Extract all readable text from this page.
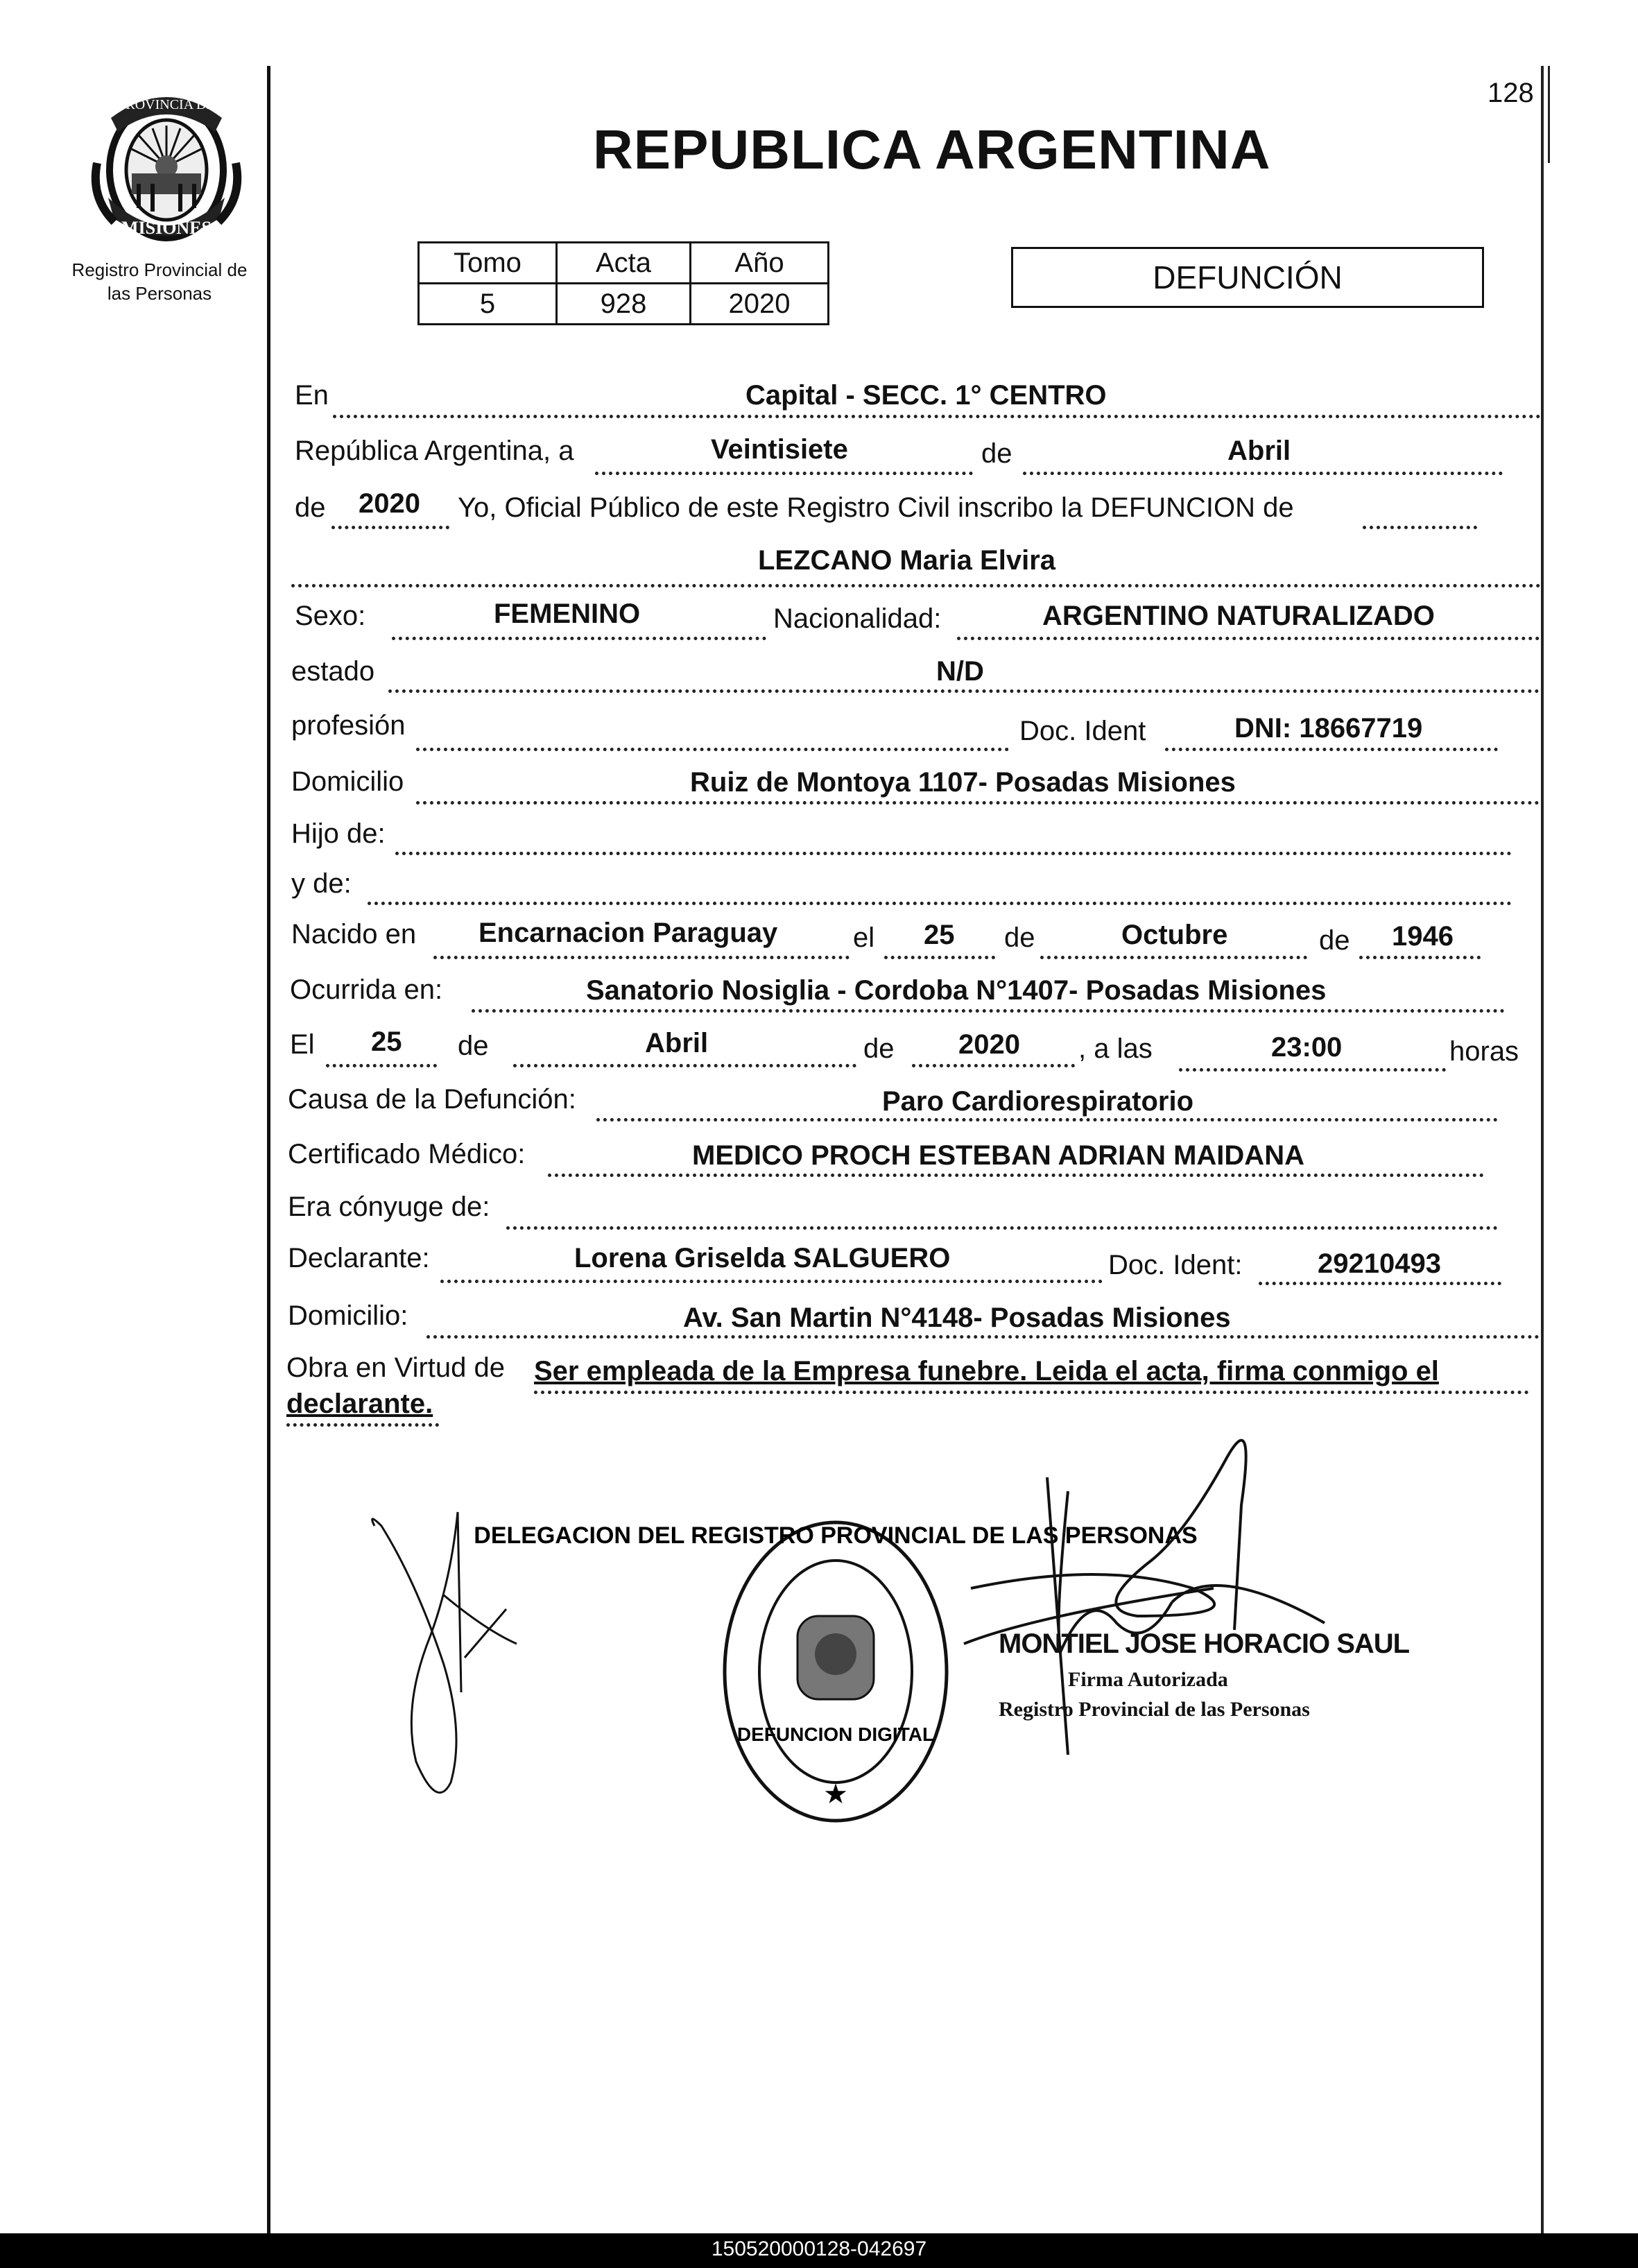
128
PROVINCIA DE
MISIONES
Registro Provincial de
las Personas
REPUBLICA ARGENTINA
Tomo	Acta	Año
5	928	2020
DEFUNCIÓN
En	Capital - SECC. 1° CENTRO
República Argentina, a	Veintisiete	de	Abril
de 2020 Yo, Oficial Público de este Registro Civil inscribo la DEFUNCION de
LEZCANO Maria Elvira
Sexo:	FEMENINO	Nacionalidad:	ARGENTINO NATURALIZADO
estado	N/D
profesión	Doc. Ident	DNI: 18667719
Domicilio	Ruiz de Montoya 1107- Posadas Misiones
Hijo de:
y de:
Nacido en Encarnacion Paraguay	el 25 de	Octubre	de 1946
Ocurrida en:	Sanatorio Nosiglia - Cordoba N°1407- Posadas Misiones
El 25 de	Abril	de 2020 , a las	23:00	horas
Causa de la Defunción:	Paro Cardiorespiratorio
Certificado Médico:	MEDICO PROCH ESTEBAN ADRIAN MAIDANA
Era cónyuge de:
Declarante:	Lorena Griselda SALGUERO	Doc. Ident:	29210493
Domicilio:	Av. San Martin N°4148- Posadas Misiones
Obra en Virtud de Ser empleada de la Empresa funebre. Leida el acta, firma conmigo el
declarante.
DELEGACION DEL REGISTRO PROVINCIAL DE LAS PERSONAS
DEFUNCION DIGITAL
★
MONTIEL JOSE HORACIO SAUL
Firma Autorizada
Registro Provincial de las Personas
150520000128-042697
